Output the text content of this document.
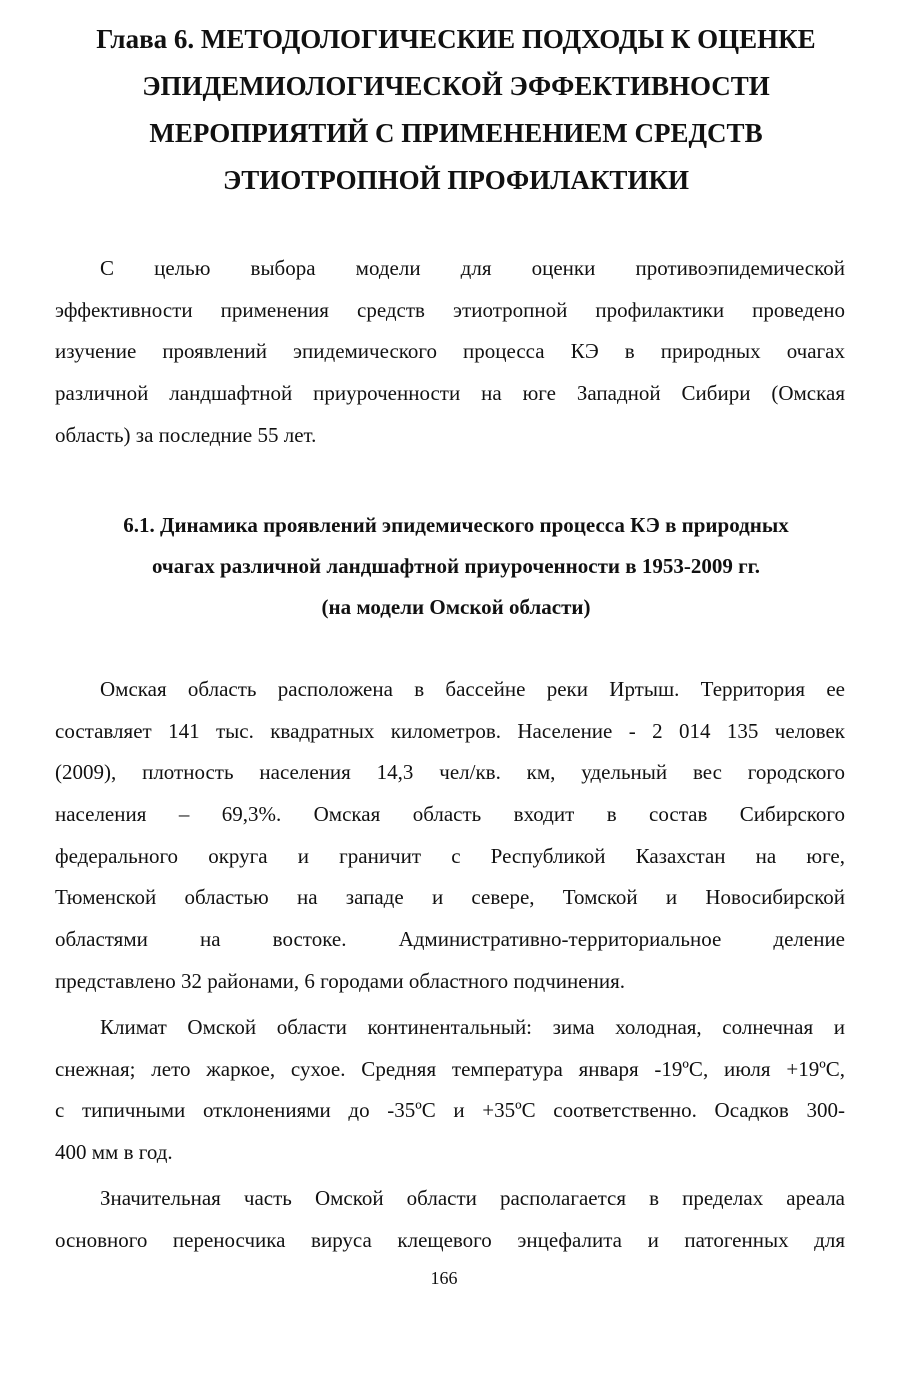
Глава 6. МЕТОДОЛОГИЧЕСКИЕ ПОДХОДЫ К ОЦЕНКЕ
ЭПИДЕМИОЛОГИЧЕСКОЙ ЭФФЕКТИВНОСТИ
МЕРОПРИЯТИЙ С ПРИМЕНЕНИЕМ СРЕДСТВ
ЭТИОТРОПНОЙ ПРОФИЛАКТИКИ

С целью выбора модели для оценки противоэпидемической
эффективности применения средств этиотропной профилактики проведено
изучение проявлений эпидемического процесса КЭ в природных очагах
различной ландшафтной приуроченности на юге Западной Сибири (Омская
область) за последние 55 лет.

6.1. Динамика проявлений эпидемического процесса КЭ в природных
очагах различной ландшафтной приуроченности в 1953-2009 гг.
(на модели Омской области)

Омская область расположена в бассейне реки Иртыш. Территория ее
составляет 141 тыс. квадратных километров. Население - 2 014 135 человек
(2009), плотность населения 14,3 чел/кв. км, удельный вес городского
населения – 69,3%. Омская область входит в состав Сибирского
федерального округа и граничит с Республикой Казахстан на юге,
Тюменской областью на западе и севере, Томской и Новосибирской
областями на востоке. Административно-территориальное деление
представлено 32 районами, 6 городами областного подчинения.

Климат Омской области континентальный: зима холодная, солнечная и
снежная; лето жаркое, сухое. Средняя температура января -19ºС, июля +19ºС,
с типичными отклонениями до -35ºС и +35ºС соответственно. Осадков 300-
400 мм в год.

Значительная часть Омской области располагается в пределах ареала
основного переносчика вируса клещевого энцефалита и патогенных для

166
